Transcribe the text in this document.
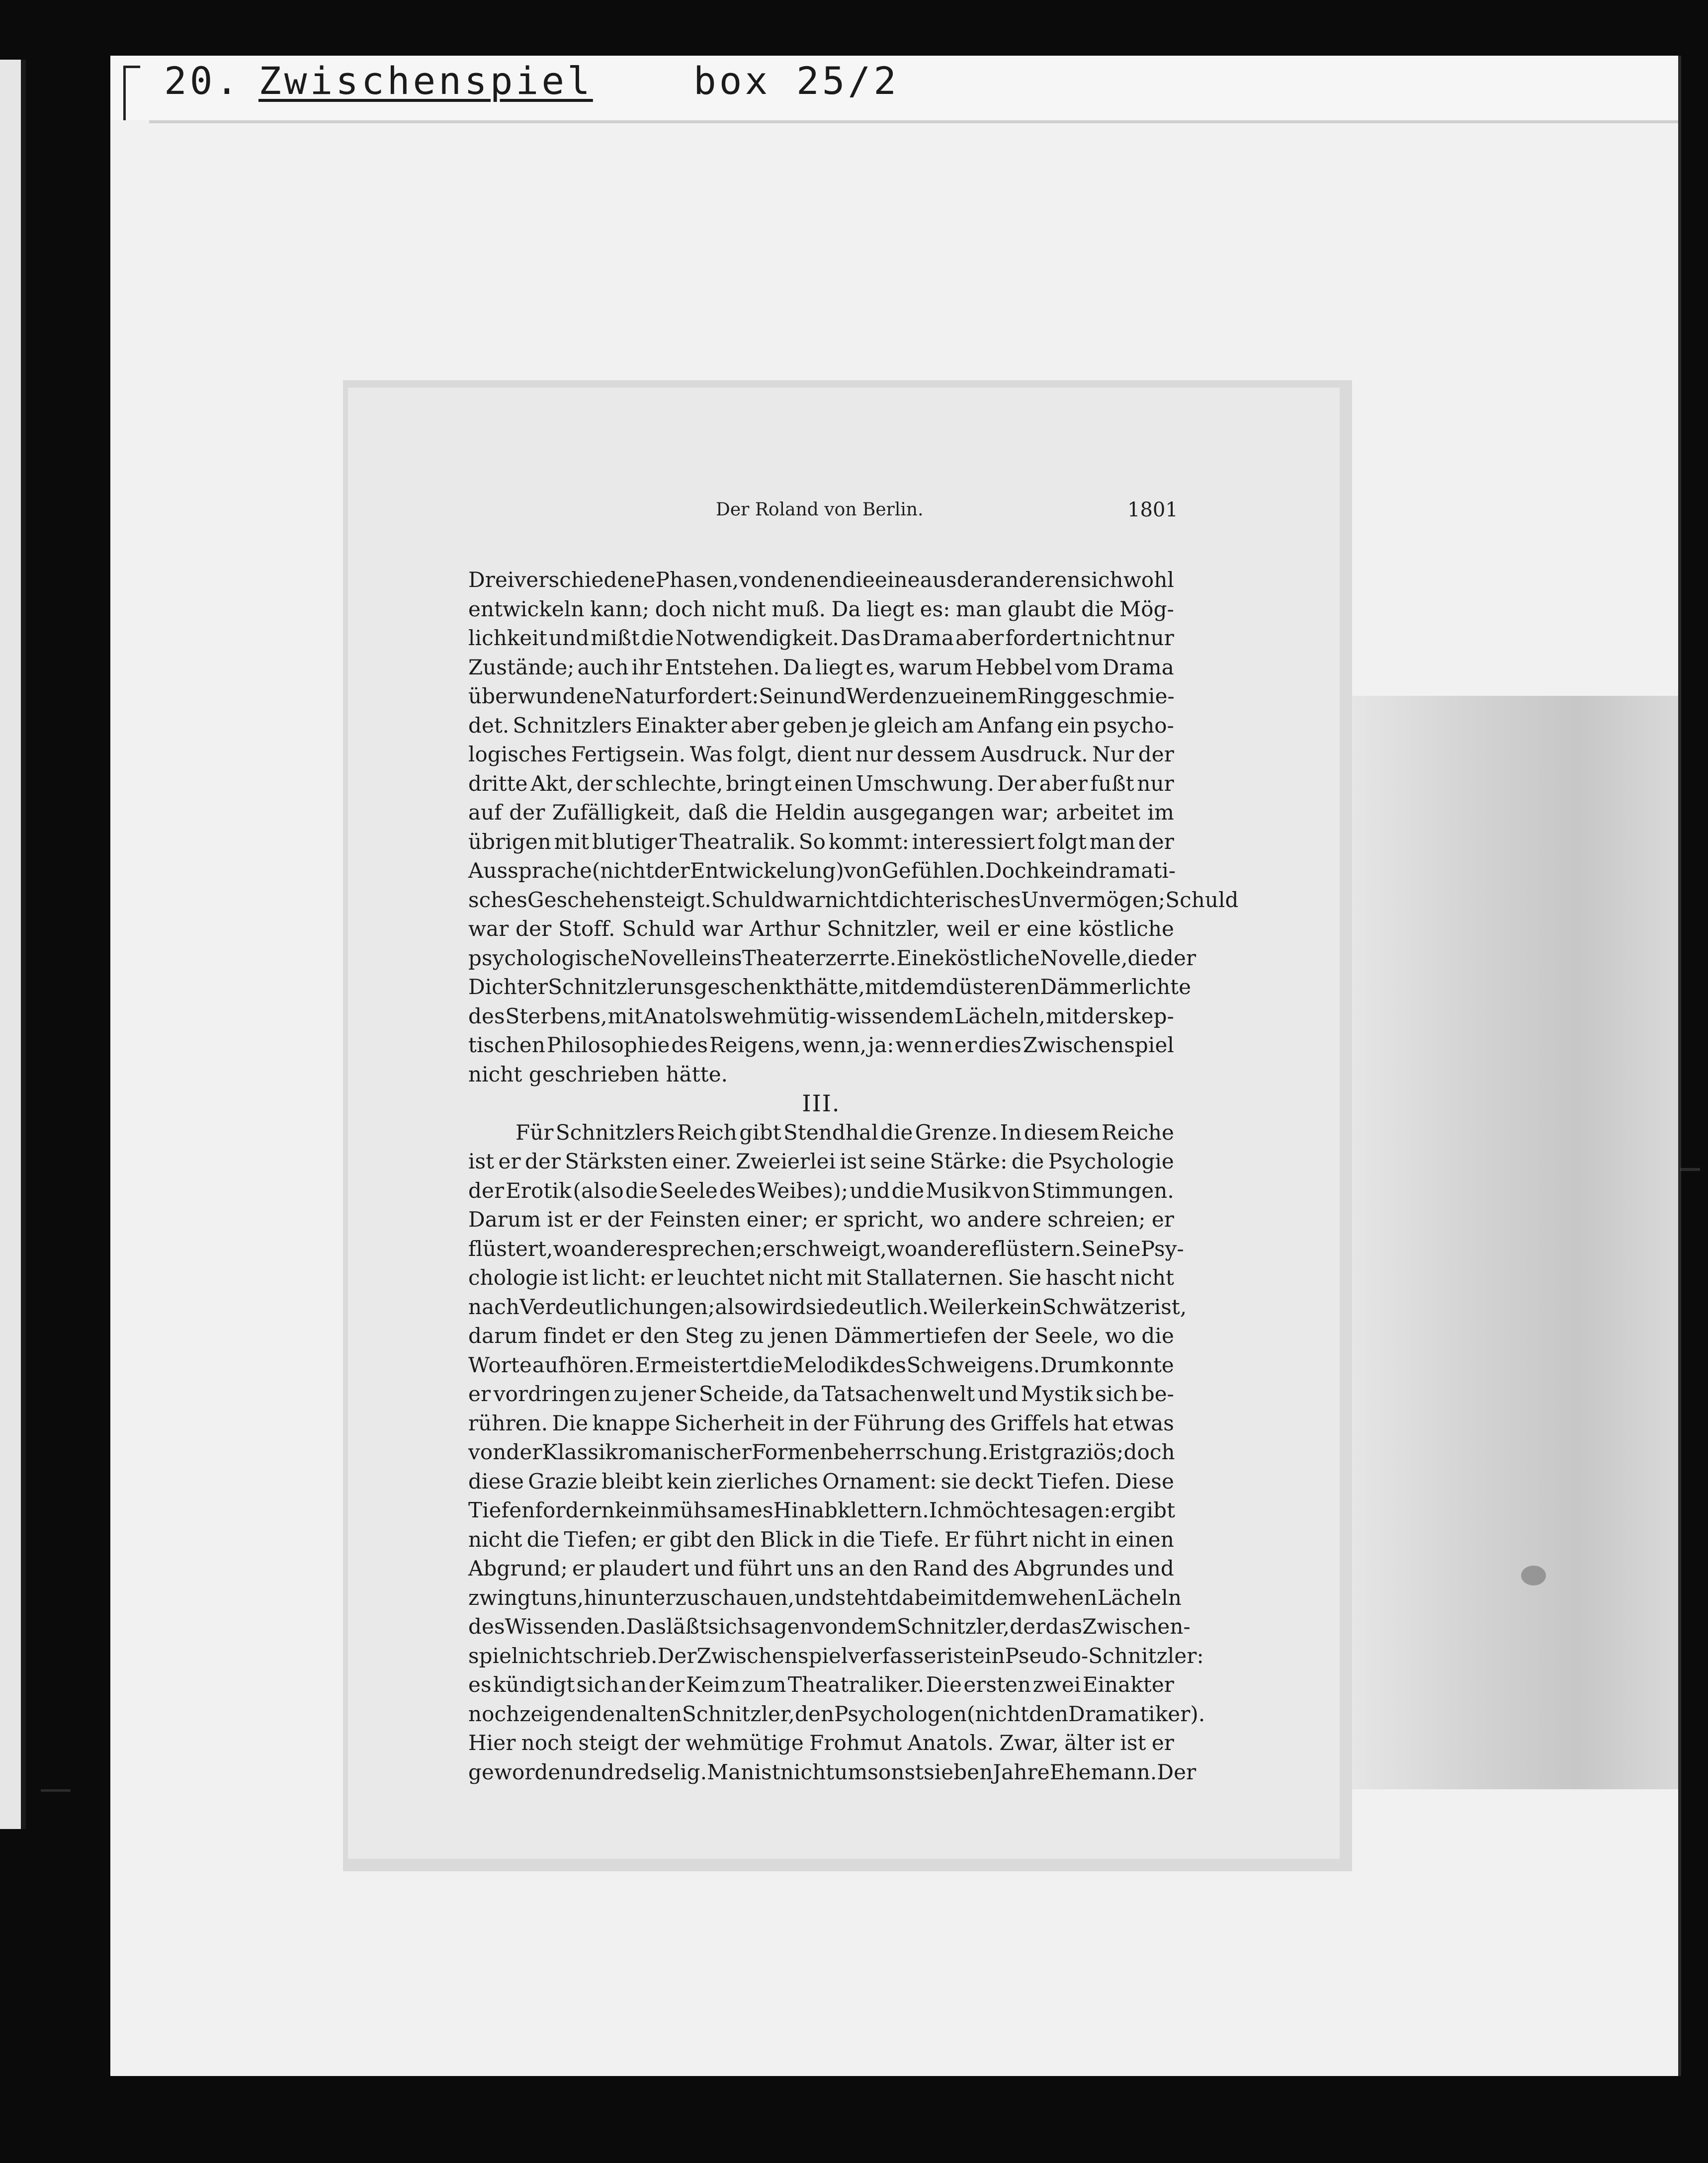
20. Zwischenspiel	box 25/2
Der Roland von Berlin.	1801
Drei verschiedene Phasen, von denen die eine aus der anderen sich wohl
entwickeln kann; doch nicht muß. Da liegt es: man glaubt die Mög-
lichkeit und mißt die Notwendigkeit. Das Drama aber fordert nicht nur
Zustände; auch ihr Entstehen. Da liegt es, warum Hebbel vom Drama
überwundene Natur fordert: Sein und Werden zu einem Ring geschmie-
det. Schnitzlers Einakter aber geben je gleich am Anfang ein psycho-
logisches Fertigsein. Was folgt, dient nur dessem Ausdruck. Nur der
dritte Akt, der schlechte, bringt einen Umschwung. Der aber fußt nur
auf der Zufälligkeit, daß die Heldin ausgegangen war; arbeitet im
übrigen mit blutiger Theatralik. So kommt: interessiert folgt man der
Aussprache (nicht der Entwickelung) von Gefühlen. Doch kein dramati-
sches Geschehen steigt. Schuld war nicht dichterisches Unvermögen; Schuld
war der Stoff. Schuld war Arthur Schnitzler, weil er eine köstliche
psychologische Novelle ins Theater zerrte. Eine köstliche Novelle, die der
Dichter Schnitzler uns geschenkt hätte, mit dem düsteren Dämmerlichte
des Sterbens, mit Anatols wehmütig-wissendem Lächeln, mit der skep-
tischen Philosophie des Reigens, wenn, ja: wenn er dies Zwischenspiel
nicht geschrieben hätte.
III.
Für Schnitzlers Reich gibt Stendhal die Grenze. In diesem Reiche
ist er der Stärksten einer. Zweierlei ist seine Stärke: die Psychologie
der Erotik (also die Seele des Weibes); und die Musik von Stimmungen.
Darum ist er der Feinsten einer; er spricht, wo andere schreien; er
flüstert, wo andere sprechen; er schweigt, wo andere flüstern. Seine Psy-
chologie ist licht: er leuchtet nicht mit Stallaternen. Sie hascht nicht
nach Verdeutlichungen; also wird sie deutlich. Weil er kein Schwätzer ist,
darum findet er den Steg zu jenen Dämmertiefen der Seele, wo die
Worte aufhören. Er meistert die Melodik des Schweigens. Drum konnte
er vordringen zu jener Scheide, da Tatsachenwelt und Mystik sich be-
rühren. Die knappe Sicherheit in der Führung des Griffels hat etwas
von der Klassik romanischer Formenbeherrschung. Er ist graziös; doch
diese Grazie bleibt kein zierliches Ornament: sie deckt Tiefen. Diese
Tiefen fordern kein mühsames Hinabklettern. Ich möchte sagen: er gibt
nicht die Tiefen; er gibt den Blick in die Tiefe. Er führt nicht in einen
Abgrund; er plaudert und führt uns an den Rand des Abgrundes und
zwingt uns, hinunterzuschauen, und steht dabei mit dem wehen Lächeln
des Wissenden. Das läßt sich sagen von dem Schnitzler, der das Zwischen-
spiel nicht schrieb. Der Zwischenspielverfasser ist ein Pseudo-Schnitzler:
es kündigt sich an der Keim zum Theatraliker. Die ersten zwei Einakter
noch zeigen den alten Schnitzler, den Psychologen (nicht den Dramatiker).
Hier noch steigt der wehmütige Frohmut Anatols. Zwar, älter ist er
geworden und redselig. Man ist nicht umsonst sieben Jahre Ehemann. Der
